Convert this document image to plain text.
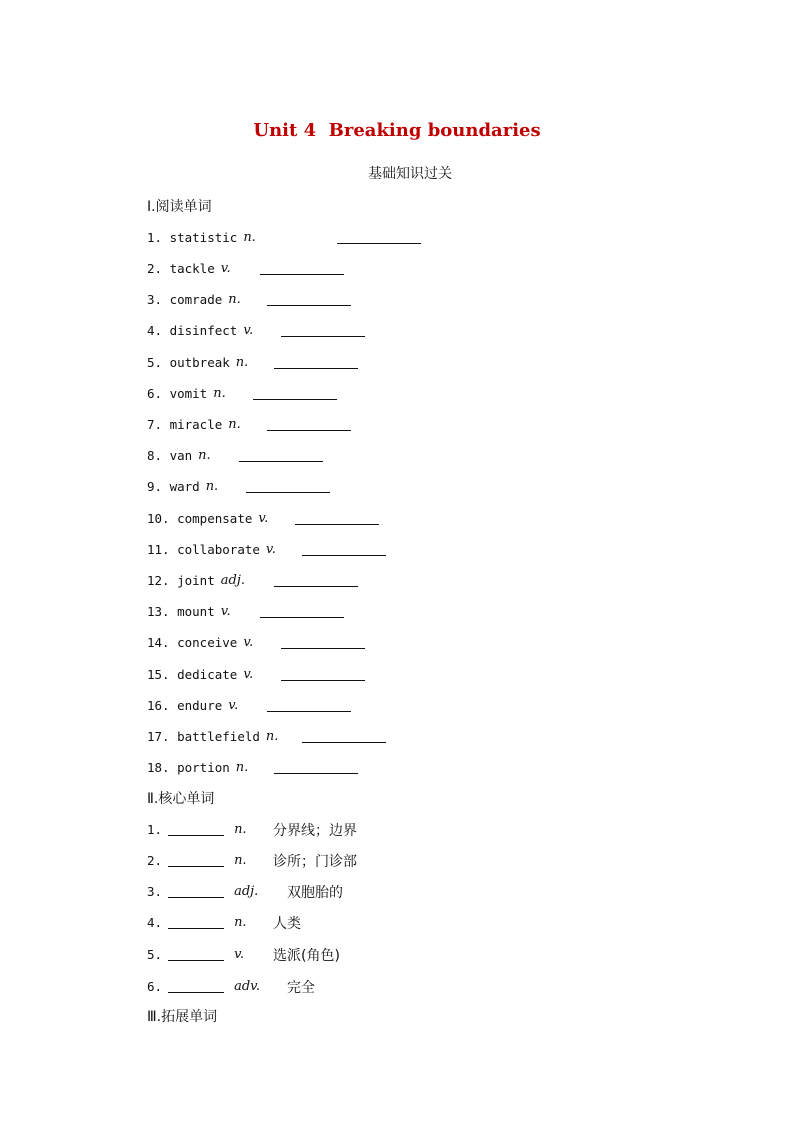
Unit 4  Breaking boundaries
基础知识过关
Ⅰ.阅读单词
1. statistic n.
2. tackle v.
3. comrade n.
4. disinfect v.
5. outbreak n.
6. vomit n.
7. miracle n.
8. van n.
9. ward n.
10. compensate v.
11. collaborate v.
12. joint adj.
13. mount v.
14. conceive v.
15. dedicate v.
16. endure v.
17. battlefield n.
18. portion n.
Ⅱ.核心单词
1.	n. 分界线；边界
2.	n. 诊所；门诊部
3.	adj. 双胞胎的
4.	n. 人类
5.	v. 选派(角色)
6.	adv. 完全
Ⅲ.拓展单词
